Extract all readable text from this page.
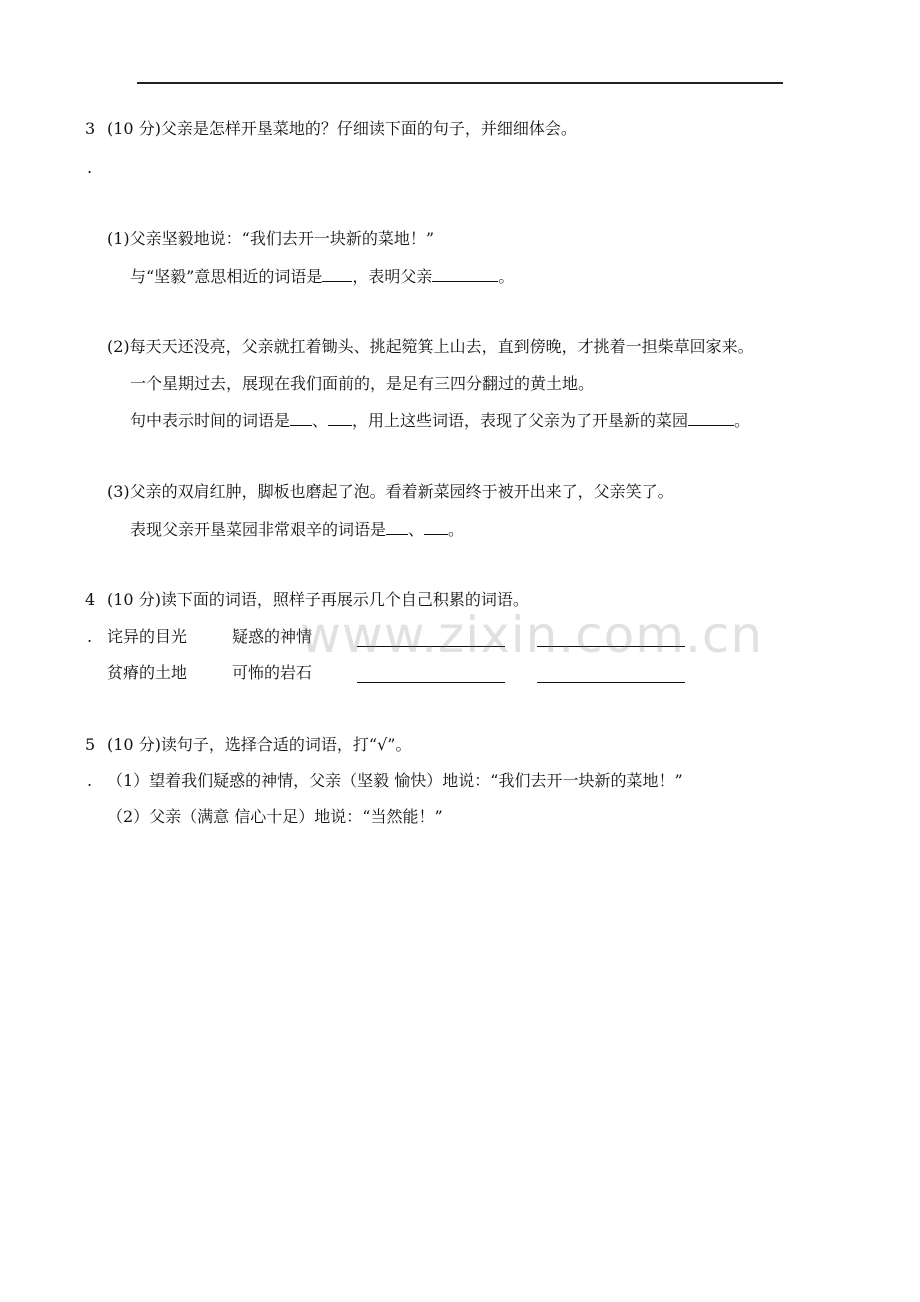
3 (10 分)父亲是怎样开垦菜地的？仔细读下面的句子，并细细体会。
.
(1)父亲坚毅地说：“我们去开一块新的菜地！”
与“坚毅”意思相近的词语是 ，表明父亲	。
(2)每天天还没亮，父亲就扛着锄头、挑起箢箕上山去，直到傍晚，才挑着一担柴草回家来。
一个星期过去，展现在我们面前的，是足有三四分翻过的黄土地。
句中表示时间的词语是 、 ，用上这些词语，表现了父亲为了开垦新的菜园	。
(3)父亲的双肩红肿，脚板也磨起了泡。看着新菜园终于被开出来了，父亲笑了。
表现父亲开垦菜园非常艰辛的词语是 、 。
4 (10 分)读下面的词语，照样子再展示几个自己积累的词语。
. 诧异的目光	疑惑的神情
贫瘠的土地	可怖的岩石
5 (10 分)读句子，选择合适的词语，打“√”。
. （1）望着我们疑惑的神情，父亲（坚毅 愉快）地说：“我们去开一块新的菜地！”
（2）父亲（满意 信心十足）地说：“当然能！”
www.zixin.com.cn
